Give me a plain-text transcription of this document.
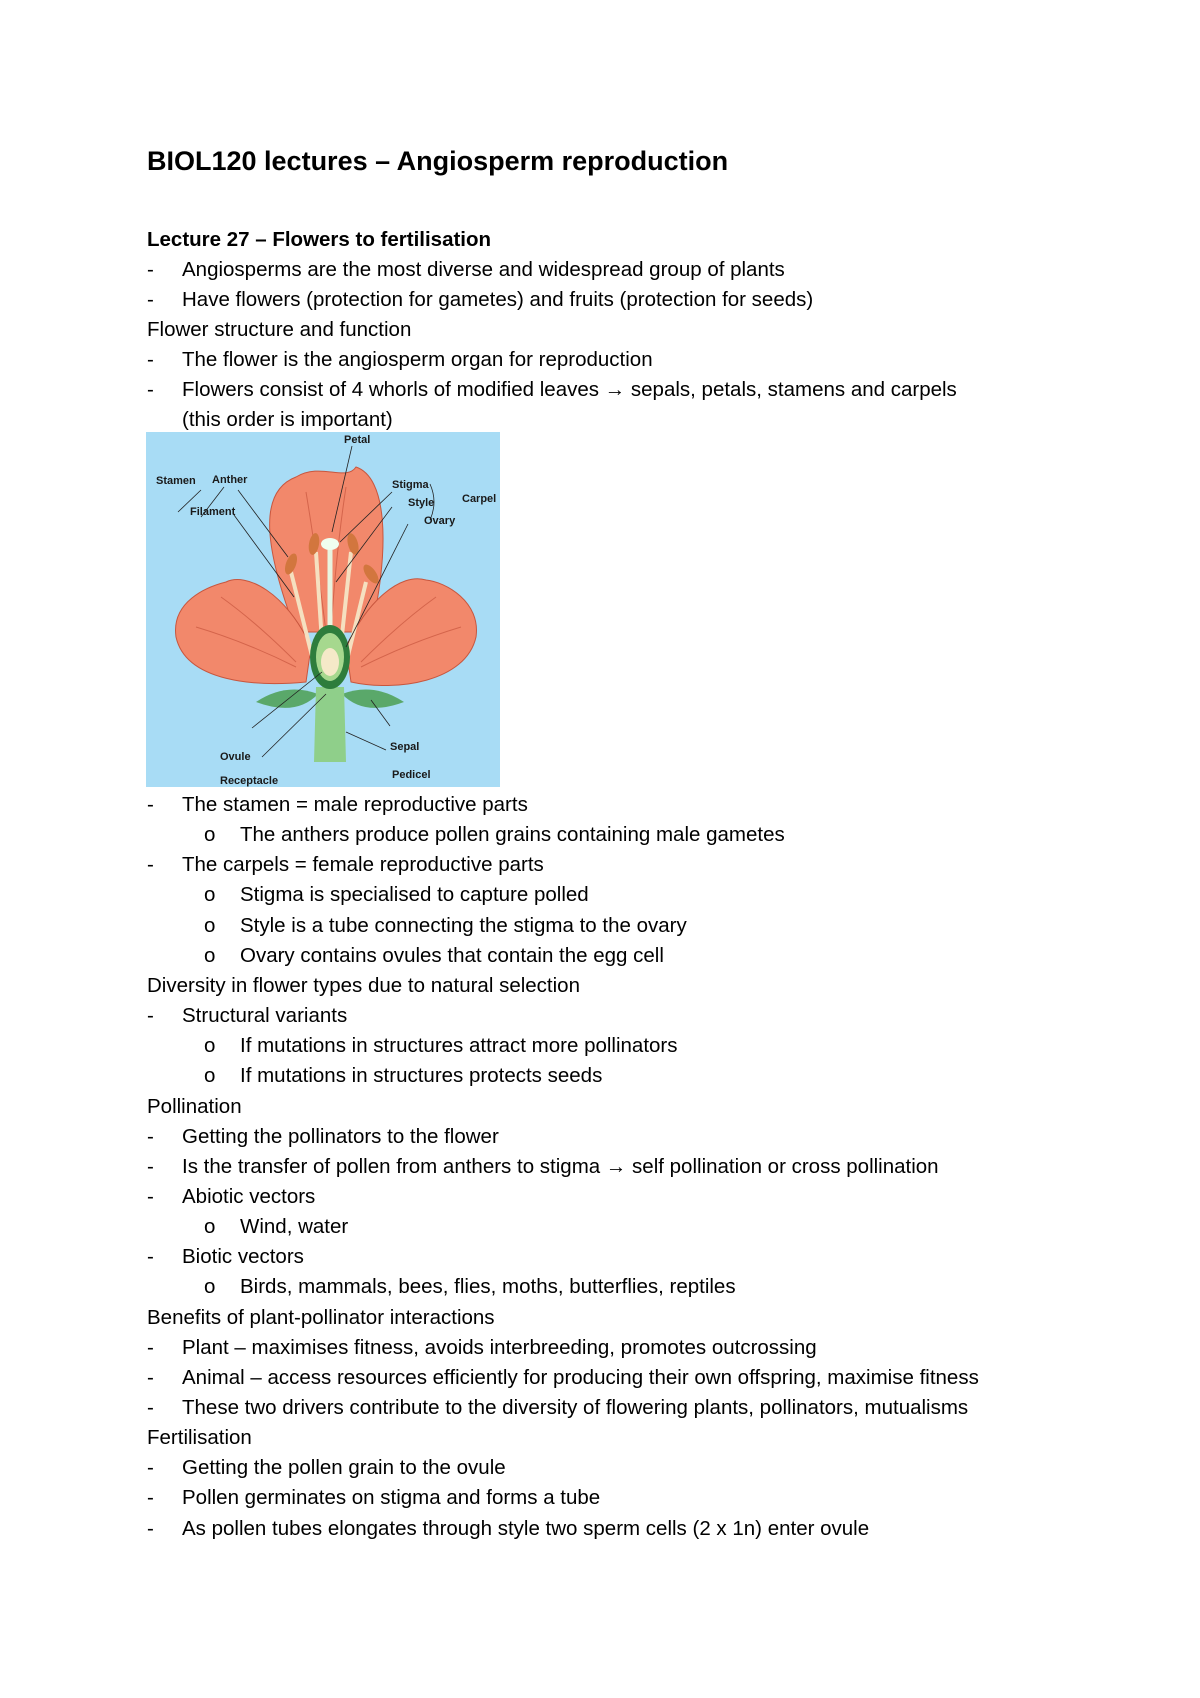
BIOL120 lectures – Angiosperm reproduction
Lecture 27 – Flowers to fertilisation
- Angiosperms are the most diverse and widespread group of plants
- Have flowers (protection for gametes) and fruits (protection for seeds)
Flower structure and function
- The flower is the angiosperm organ for reproduction
- Flowers consist of 4 whorls of modified leaves → sepals, petals, stamens and carpels
(this order is important)
Petal
Stamen Anther
Filament
Stigma
Style
Ovary
Carpel
Ovule
Receptacle
Sepal
Pedicel
- The stamen = male reproductive parts
o The anthers produce pollen grains containing male gametes
- The carpels = female reproductive parts
o Stigma is specialised to capture polled
o Style is a tube connecting the stigma to the ovary
o Ovary contains ovules that contain the egg cell
Diversity in flower types due to natural selection
- Structural variants
o If mutations in structures attract more pollinators
o If mutations in structures protects seeds
Pollination
- Getting the pollinators to the flower
- Is the transfer of pollen from anthers to stigma → self pollination or cross pollination
- Abiotic vectors
o Wind, water
- Biotic vectors
o Birds, mammals, bees, flies, moths, butterflies, reptiles
Benefits of plant-pollinator interactions
- Plant – maximises fitness, avoids interbreeding, promotes outcrossing
- Animal – access resources efficiently for producing their own offspring, maximise fitness
- These two drivers contribute to the diversity of flowering plants, pollinators, mutualisms
Fertilisation
- Getting the pollen grain to the ovule
- Pollen germinates on stigma and forms a tube
- As pollen tubes elongates through style two sperm cells (2 x 1n) enter ovule
